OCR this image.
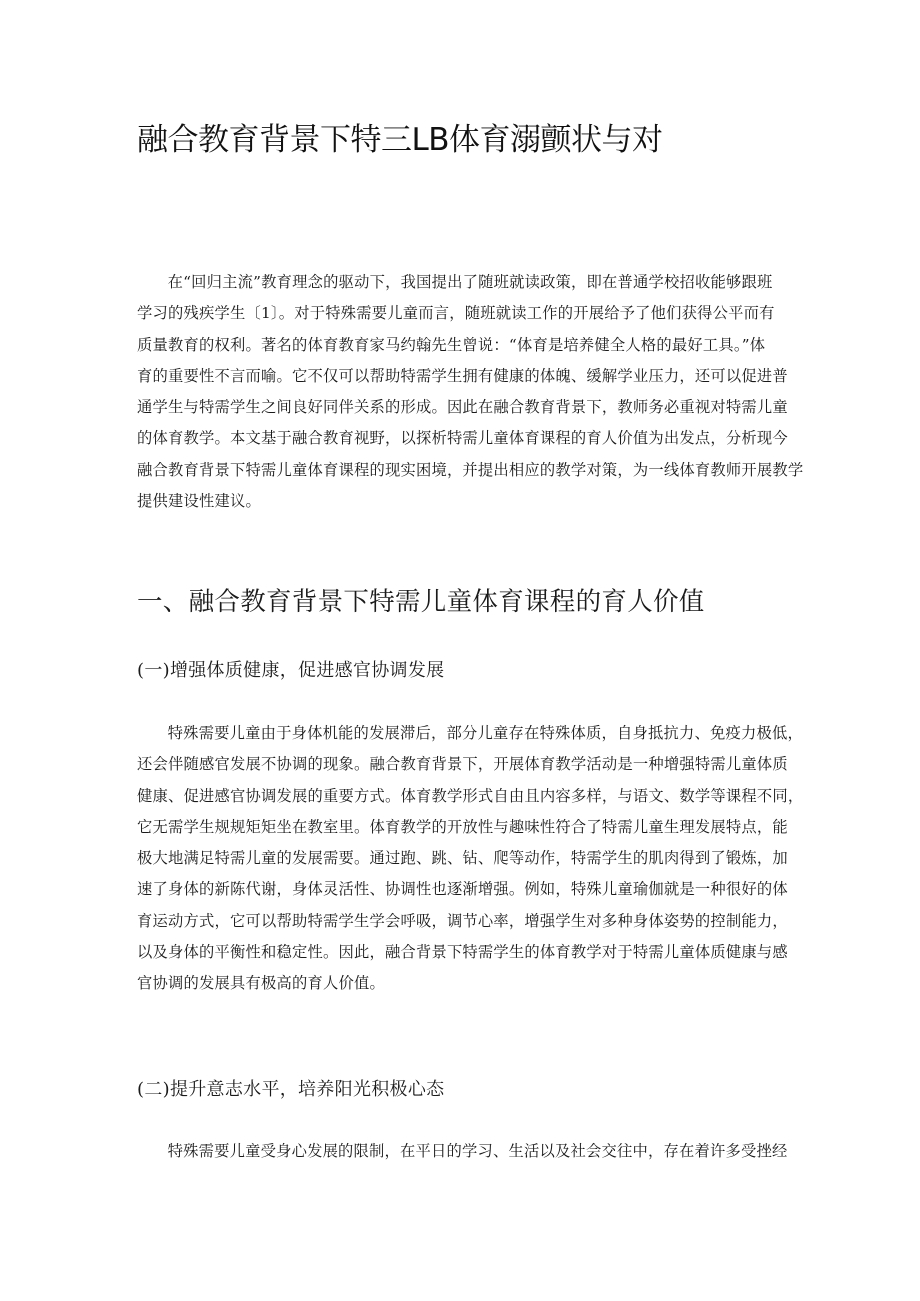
融合教育背景下特三LB体育溺颤状与对

在“回归主流”教育理念的驱动下，我国提出了随班就读政策，即在普通学校招收能够跟班
学习的残疾学生〔1〕。对于特殊需要儿童而言，随班就读工作的开展给予了他们获得公平而有
质量教育的权利。著名的体育教育家马约翰先生曾说：“体育是培养健全人格的最好工具。”体
育的重要性不言而喻。它不仅可以帮助特需学生拥有健康的体魄、缓解学业压力，还可以促进普
通学生与特需学生之间良好同伴关系的形成。因此在融合教育背景下，教师务必重视对特需儿童
的体育教学。本文基于融合教育视野，以探析特需儿童体育课程的育人价值为出发点，分析现今
融合教育背景下特需儿童体育课程的现实困境，并提出相应的教学对策，为一线体育教师开展教学
提供建设性建议。

一、融合教育背景下特需儿童体育课程的育人价值
(一)增强体质健康，促进感官协调发展

特殊需要儿童由于身体机能的发展滞后，部分儿童存在特殊体质，自身抵抗力、免疫力极低，
还会伴随感官发展不协调的现象。融合教育背景下，开展体育教学活动是一种增强特需儿童体质
健康、促进感官协调发展的重要方式。体育教学形式自由且内容多样，与语文、数学等课程不同，
它无需学生规规矩矩坐在教室里。体育教学的开放性与趣味性符合了特需儿童生理发展特点，能
极大地满足特需儿童的发展需要。通过跑、跳、钻、爬等动作，特需学生的肌肉得到了锻炼，加
速了身体的新陈代谢，身体灵活性、协调性也逐渐增强。例如，特殊儿童瑜伽就是一种很好的体
育运动方式，它可以帮助特需学生学会呼吸，调节心率，增强学生对多种身体姿势的控制能力，
以及身体的平衡性和稳定性。因此，融合背景下特需学生的体育教学对于特需儿童体质健康与感
官协调的发展具有极高的育人价值。

(二)提升意志水平，培养阳光积极心态

特殊需要儿童受身心发展的限制，在平日的学习、生活以及社会交往中，存在着许多受挫经
